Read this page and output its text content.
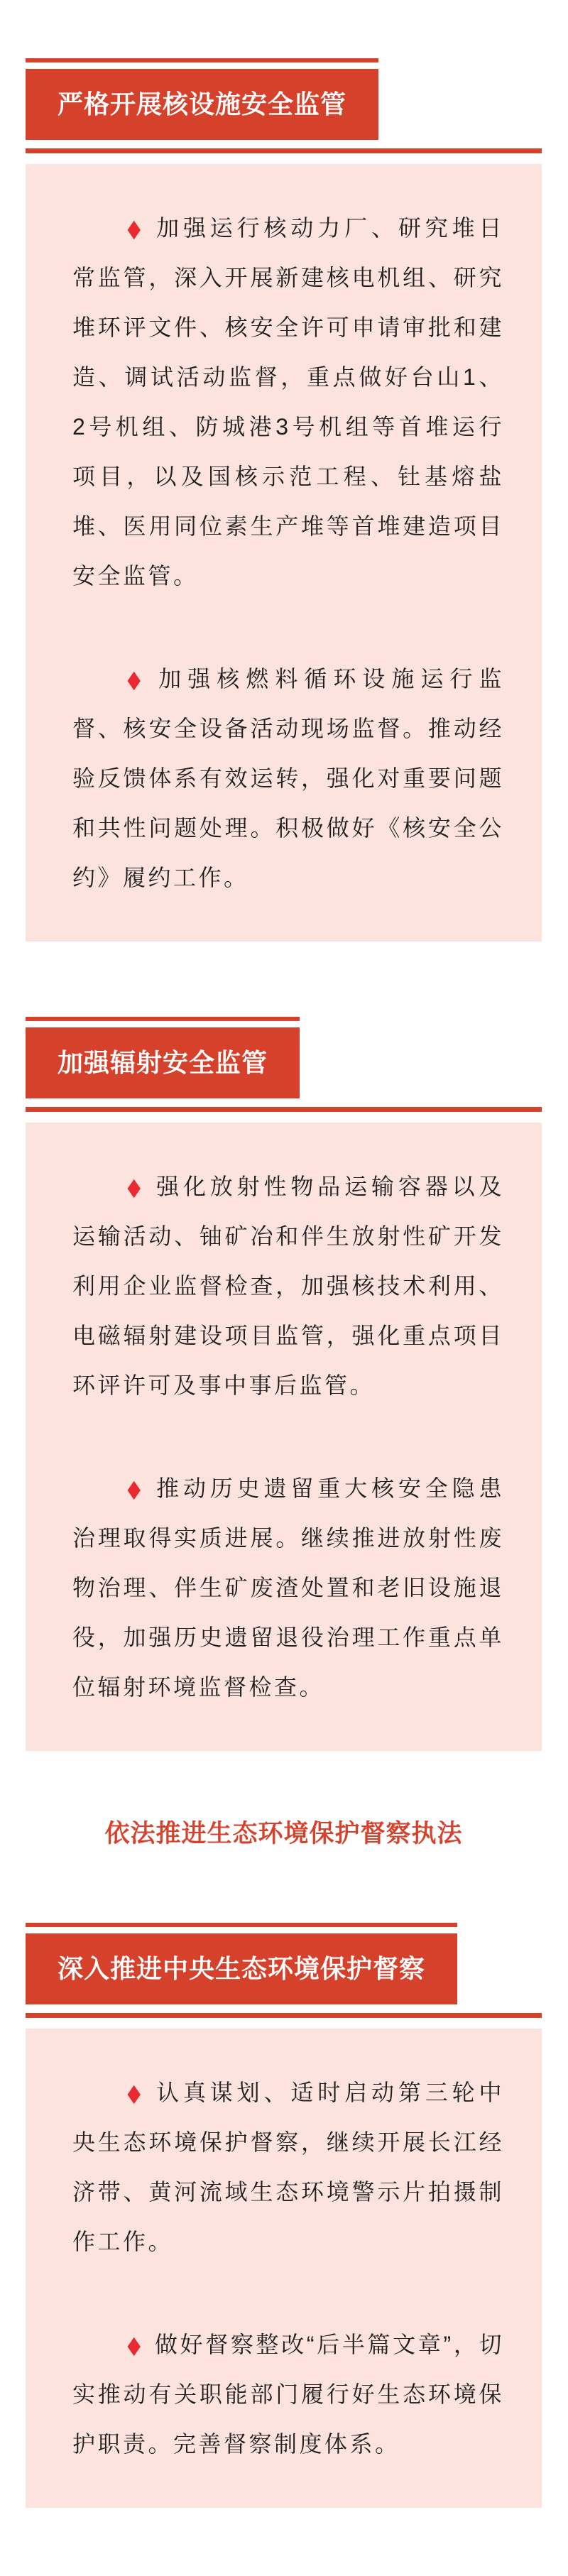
严格开展核设施安全监管

◆ 加强运行核动力厂、研究堆日常监管，深入开展新建核电机组、研究堆环评文件、核安全许可申请审批和建造、调试活动监督，重点做好台山1、2号机组、防城港3号机组等首堆运行项目，以及国核示范工程、钍基熔盐堆、医用同位素生产堆等首堆建造项目安全监管。

◆ 加强核燃料循环设施运行监督、核安全设备活动现场监督。推动经验反馈体系有效运转，强化对重要问题和共性问题处理。积极做好《核安全公约》履约工作。

加强辐射安全监管

◆ 强化放射性物品运输容器以及运输活动、铀矿冶和伴生放射性矿开发利用企业监督检查，加强核技术利用、电磁辐射建设项目监管，强化重点项目环评许可及事中事后监管。

◆ 推动历史遗留重大核安全隐患治理取得实质进展。继续推进放射性废物治理、伴生矿废渣处置和老旧设施退役，加强历史遗留退役治理工作重点单位辐射环境监督检查。

依法推进生态环境保护督察执法
深入推进中央生态环境保护督察

◆ 认真谋划、适时启动第三轮中央生态环境保护督察，继续开展长江经济带、黄河流域生态环境警示片拍摄制作工作。

◆ 做好督察整改“后半篇文章”，切实推动有关职能部门履行好生态环境保护职责。完善督察制度体系。
